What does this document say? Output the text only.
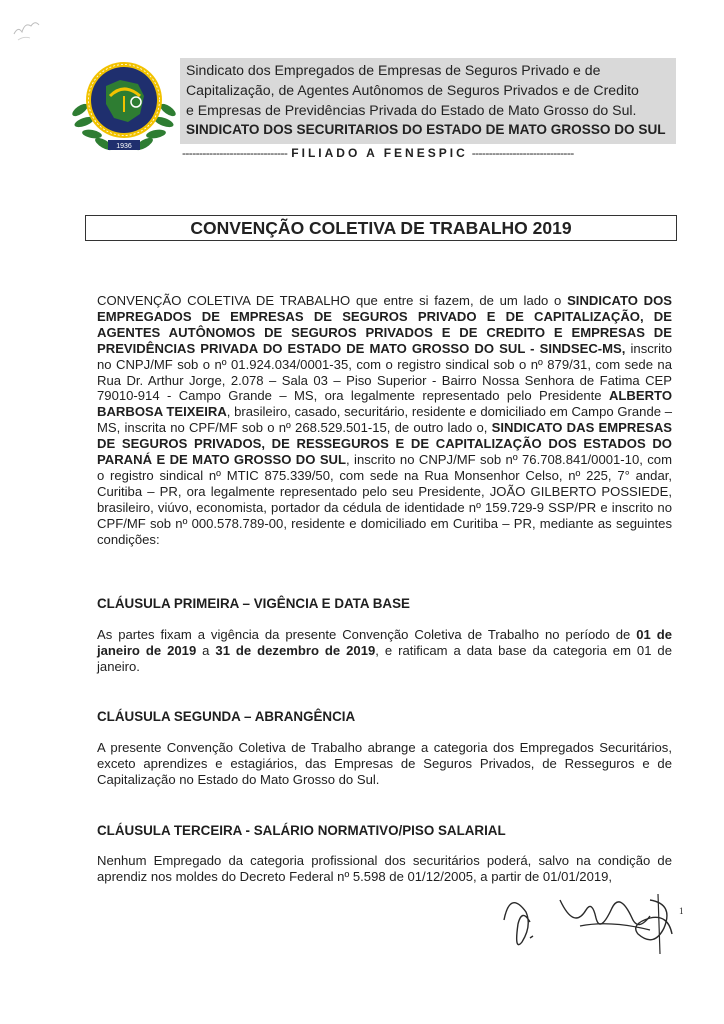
1936
Sindicato dos Empregados de Empresas de Seguros Privado e de
Capitalização, de Agentes Autônomos de Seguros Privados e de Credito
e Empresas de Previdências Privada do Estado de Mato Grosso do Sul.
SINDICATO DOS SECURITARIOS DO ESTADO DE MATO GROSSO DO SUL
------------------------------- FILIADO A FENESPIC ------------------------------
CONVENÇÃO COLETIVA DE TRABALHO 2019
CONVENÇÃO COLETIVA DE TRABALHO que entre si fazem, de um lado o SINDICATO DOS EMPREGADOS DE EMPRESAS DE SEGUROS PRIVADO E DE CAPITALIZAÇÃO, DE AGENTES AUTÔNOMOS DE SEGUROS PRIVADOS E DE CREDITO E EMPRESAS DE PREVIDÊNCIAS PRIVADA DO ESTADO DE MATO GROSSO DO SUL - SINDSEC-MS, inscrito no CNPJ/MF sob o nº 01.924.034/0001-35, com o registro sindical sob o nº 879/31, com sede na Rua Dr. Arthur Jorge, 2.078 – Sala 03 – Piso Superior - Bairro Nossa Senhora de Fatima CEP 79010-914 - Campo Grande – MS, ora legalmente representado pelo Presidente ALBERTO BARBOSA TEIXEIRA, brasileiro, casado, securitário, residente e domiciliado em Campo Grande – MS, inscrita no CPF/MF sob o nº 268.529.501-15, de outro lado o, SINDICATO DAS EMPRESAS DE SEGUROS PRIVADOS, DE RESSEGUROS E DE CAPITALIZAÇÃO DOS ESTADOS DO PARANÁ E DE MATO GROSSO DO SUL, inscrito no CNPJ/MF sob nº 76.708.841/0001-10, com o registro sindical nº MTIC 875.339/50, com sede na Rua Monsenhor Celso, nº 225, 7° andar, Curitiba – PR, ora legalmente representado pelo seu Presidente, JOÃO GILBERTO POSSIEDE, brasileiro, viúvo, economista, portador da cédula de identidade nº 159.729-9 SSP/PR e inscrito no CPF/MF sob nº 000.578.789-00, residente e domiciliado em Curitiba – PR, mediante as seguintes condições:
CLÁUSULA PRIMEIRA – VIGÊNCIA E DATA BASE
As partes fixam a vigência da presente Convenção Coletiva de Trabalho no período de 01 de janeiro de 2019 a 31 de dezembro de 2019, e ratificam a data base da categoria em 01 de janeiro.
CLÁUSULA SEGUNDA – ABRANGÊNCIA
A presente Convenção Coletiva de Trabalho abrange a categoria dos Empregados Securitários, exceto aprendizes e estagiários, das Empresas de Seguros Privados, de Resseguros e de Capitalização no Estado do Mato Grosso do Sul.
CLÁUSULA TERCEIRA - SALÁRIO NORMATIVO/PISO SALARIAL
Nenhum Empregado da categoria profissional dos securitários poderá, salvo na condição de aprendiz nos moldes do Decreto Federal nº 5.598 de 01/12/2005, a partir de 01/01/2019,
1
